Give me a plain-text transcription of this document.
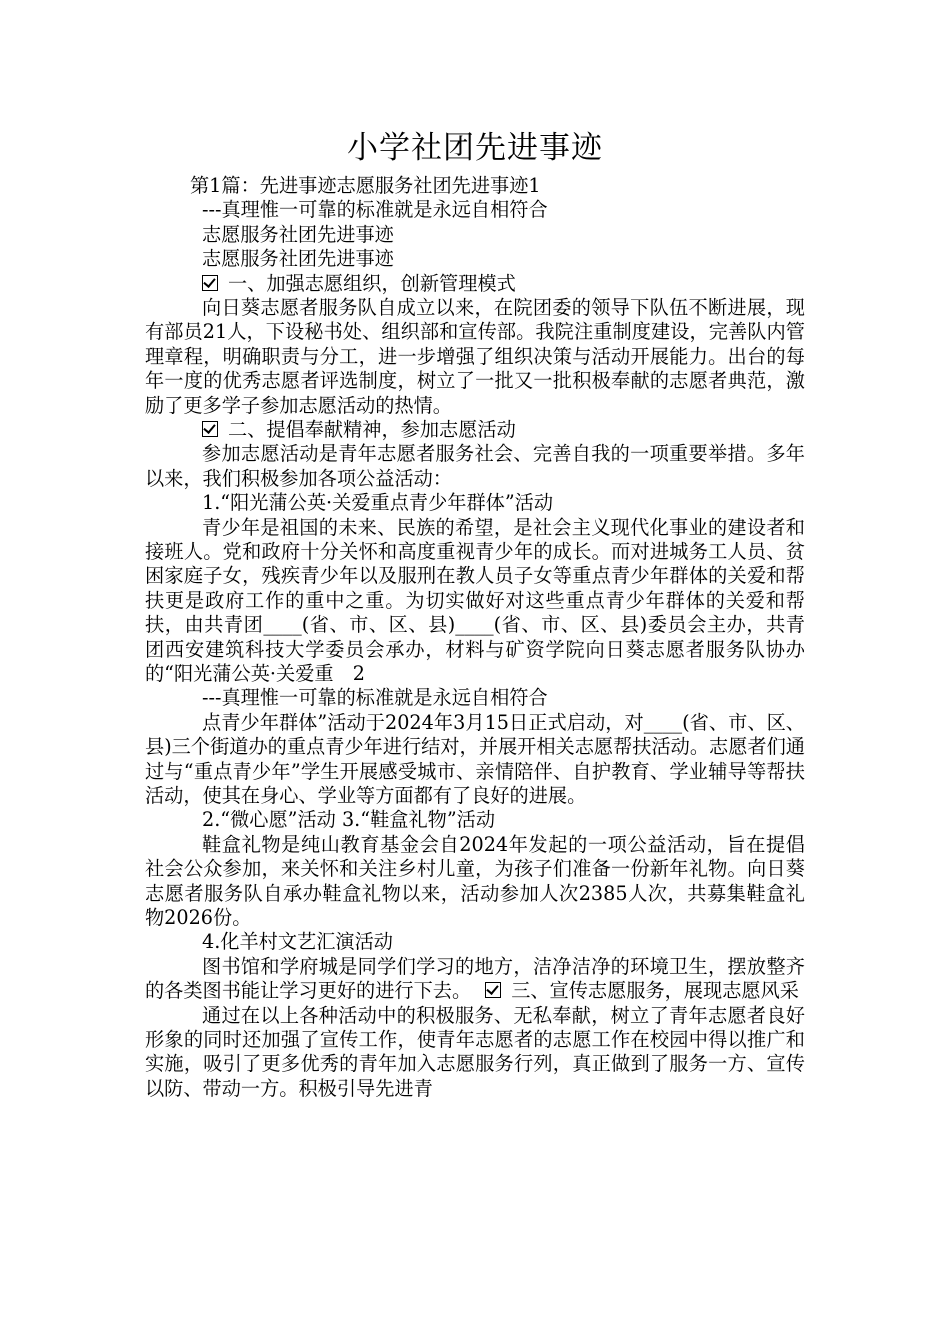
小学社团先进事迹
第1篇：先进事迹志愿服务社团先进事迹1
---真理惟一可靠的标准就是永远自相符合
志愿服务社团先进事迹
志愿服务社团先进事迹
一、加强志愿组织，创新管理模式
向日葵志愿者服务队自成立以来，在院团委的领导下队伍不断进展，现有部员21人，下设秘书处、组织部和宣传部。我院注重制度建设，完善队内管理章程，明确职责与分工，进一步增强了组织决策与活动开展能力。出台的每年一度的优秀志愿者评选制度，树立了一批又一批积极奉献的志愿者典范，激励了更多学子参加志愿活动的热情。
二、提倡奉献精神，参加志愿活动
参加志愿活动是青年志愿者服务社会、完善自我的一项重要举措。多年以来，我们积极参加各项公益活动：
1.“阳光蒲公英·关爱重点青少年群体”活动
青少年是祖国的未来、民族的希望，是社会主义现代化事业的建设者和接班人。党和政府十分关怀和高度重视青少年的成长。而对进城务工人员、贫困家庭子女，残疾青少年以及服刑在教人员子女等重点青少年群体的关爱和帮扶更是政府工作的重中之重。为切实做好对这些重点青少年群体的关爱和帮扶，由共青团____(省、市、区、县)____(省、市、区、县)委员会主办，共青团西安建筑科技大学委员会承办，材料与矿资学院向日葵志愿者服务队协办的“阳光蒲公英·关爱重　2
---真理惟一可靠的标准就是永远自相符合
点青少年群体”活动于2024年3月15日正式启动，对____(省、市、区、县)三个街道办的重点青少年进行结对，并展开相关志愿帮扶活动。志愿者们通过与“重点青少年”学生开展感受城市、亲情陪伴、自护教育、学业辅导等帮扶活动，使其在身心、学业等方面都有了良好的进展。
2.“微心愿”活动 3.“鞋盒礼物”活动
鞋盒礼物是纯山教育基金会自2024年发起的一项公益活动，旨在提倡社会公众参加，来关怀和关注乡村儿童，为孩子们准备一份新年礼物。向日葵志愿者服务队自承办鞋盒礼物以来，活动参加人次2385人次，共募集鞋盒礼物2026份。
4.化羊村文艺汇演活动
图书馆和学府城是同学们学习的地方，洁净洁净的环境卫生，摆放整齐的各类图书能让学习更好的进行下去。 三、宣传志愿服务，展现志愿风采
通过在以上各种活动中的积极服务、无私奉献，树立了青年志愿者良好形象的同时还加强了宣传工作，使青年志愿者的志愿工作在校园中得以推广和实施，吸引了更多优秀的青年加入志愿服务行列，真正做到了服务一方、宣传以防、带动一方。积极引导先进青
